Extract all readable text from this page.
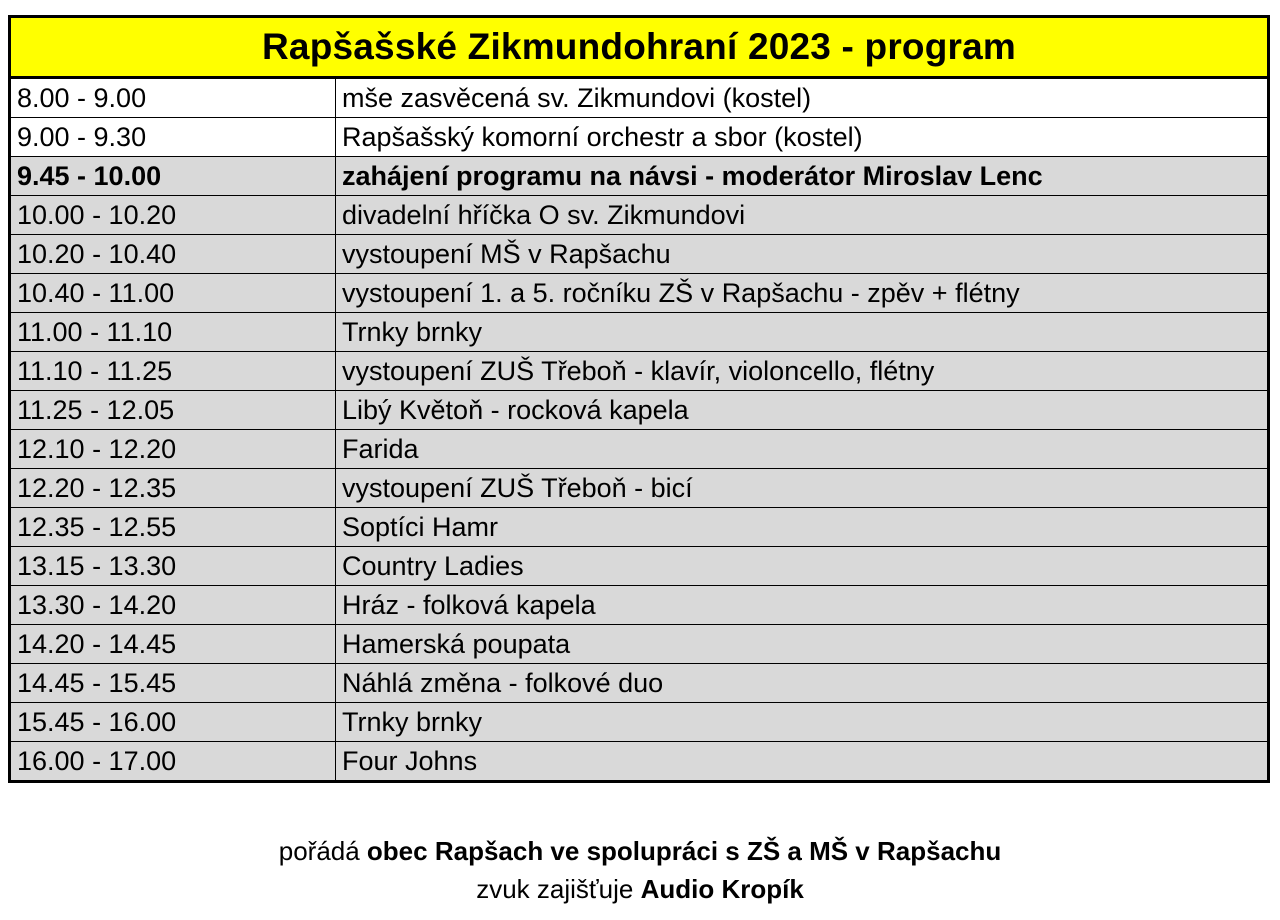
Rapšašské Zikmundohraní 2023 - program	
8.00 - 9.00	mše zasvěcená sv. Zikmundovi (kostel)
9.00 - 9.30	Rapšašský komorní orchestr a sbor (kostel)
9.45 - 10.00	zahájení programu na návsi - moderátor Miroslav Lenc
10.00 - 10.20	divadelní hříčka O sv. Zikmundovi
10.20 - 10.40	vystoupení MŠ v Rapšachu
10.40 - 11.00	vystoupení 1. a 5. ročníku ZŠ v Rapšachu - zpěv + flétny
11.00 - 11.10	Trnky brnky
11.10 - 11.25	vystoupení ZUŠ Třeboň - klavír, violoncello, flétny
11.25 - 12.05	Libý Květoň - rocková kapela
12.10 - 12.20	Farida
12.20 - 12.35	vystoupení ZUŠ Třeboň - bicí
12.35 - 12.55	Soptíci Hamr
13.15 - 13.30	Country Ladies
13.30 - 14.20	Hráz - folková kapela
14.20 - 14.45	Hamerská poupata
14.45 - 15.45	Náhlá změna - folkové duo
15.45 - 16.00	Trnky brnky
16.00 - 17.00	Four Johns
pořádá obec Rapšach ve spolupráci s ZŠ a MŠ v Rapšachu
zvuk zajišťuje Audio Kropík
